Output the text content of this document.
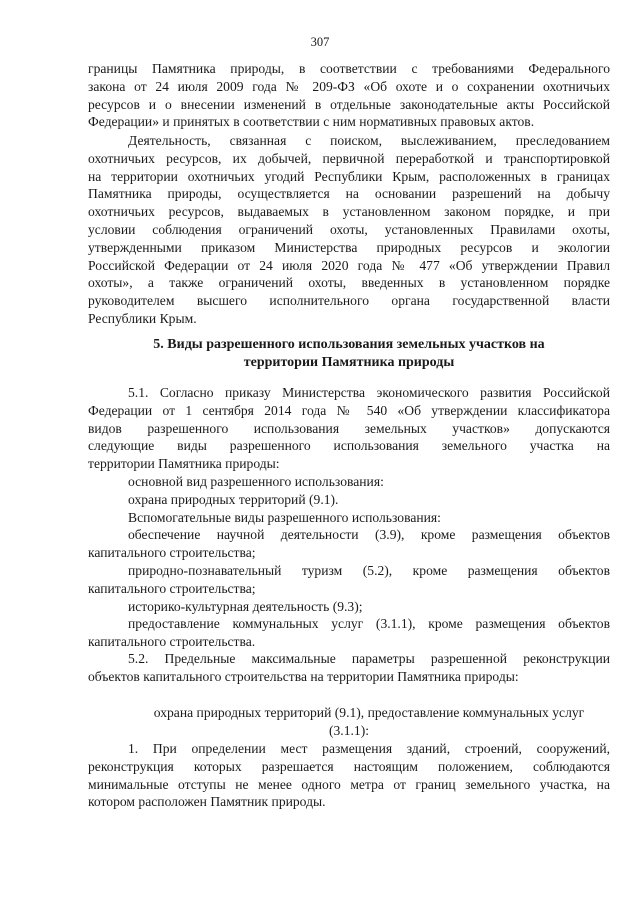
307
границы Памятника природы, в соответствии с требованиями Федерального
закона от 24 июля 2009 года № 209-ФЗ «Об охоте и о сохранении охотничьих
ресурсов и о внесении изменений в отдельные законодательные акты Российской
Федерации» и принятых в соответствии с ним нормативных правовых актов.
Деятельность, связанная с поиском, выслеживанием, преследованием
охотничьих ресурсов, их добычей, первичной переработкой и транспортировкой
на территории охотничьих угодий Республики Крым, расположенных в границах
Памятника природы, осуществляется на основании разрешений на добычу
охотничьих ресурсов, выдаваемых в установленном законом порядке, и при
условии соблюдения ограничений охоты, установленных Правилами охоты,
утвержденными приказом Министерства природных ресурсов и экологии
Российской Федерации от 24 июля 2020 года № 477 «Об утверждении Правил
охоты», а также ограничений охоты, введенных в установленном порядке
руководителем высшего исполнительного органа государственной власти
Республики Крым.
5. Виды разрешенного использования земельных участков на
территории Памятника природы
5.1. Согласно приказу Министерства экономического развития Российской
Федерации от 1 сентября 2014 года № 540 «Об утверждении классификатора
видов разрешенного использования земельных участков» допускаются
следующие виды разрешенного использования земельного участка на
территории Памятника природы:
основной вид разрешенного использования:
охрана природных территорий (9.1).
Вспомогательные виды разрешенного использования:
обеспечение научной деятельности (3.9), кроме размещения объектов
капитального строительства;
природно-познавательный туризм (5.2), кроме размещения объектов
капитального строительства;
историко-культурная деятельность (9.3);
предоставление коммунальных услуг (3.1.1), кроме размещения объектов
капитального строительства.
5.2. Предельные максимальные параметры разрешенной реконструкции
объектов капитального строительства на территории Памятника природы:
охрана природных территорий (9.1), предоставление коммунальных услуг
(3.1.1):
1. При определении мест размещения зданий, строений, сооружений,
реконструкция которых разрешается настоящим положением, соблюдаются
минимальные отступы не менее одного метра от границ земельного участка, на
котором расположен Памятник природы.
